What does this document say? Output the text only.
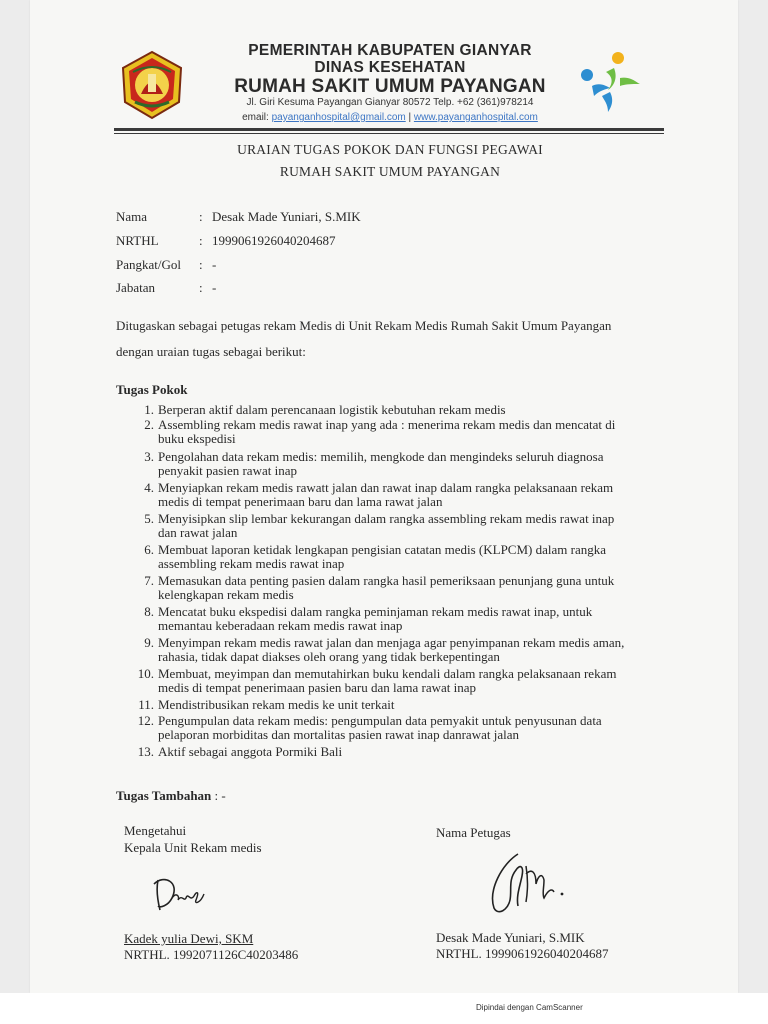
PEMERINTAH KABUPATEN GIANYAR
DINAS KESEHATAN
RUMAH SAKIT UMUM PAYANGAN
Jl. Giri Kesuma Payangan Gianyar 80572 Telp. +62 (361)978214
email: payanganhospital@gmail.com | www.payanganhospital.com
URAIAN TUGAS POKOK DAN FUNGSI PEGAWAI
RUMAH SAKIT UMUM PAYANGAN
Nama	: Desak Made Yuniari, S.MIK
NRTHL	: 1999061926040204687
Pangkat/Gol : -
Jabatan	: -
Ditugaskan sebagai petugas rekam Medis di Unit Rekam Medis Rumah Sakit Umum Payangan
dengan uraian tugas sebagai berikut:
Tugas Pokok
1. Berperan aktif dalam perencanaan logistik kebutuhan rekam medis
2. Assembling rekam medis rawat inap yang ada : menerima rekam medis dan mencatat di
buku ekspedisi
3. Pengolahan data rekam medis: memilih, mengkode dan mengindeks seluruh diagnosa
penyakit pasien rawat inap
4. Menyiapkan rekam medis rawatt jalan dan rawat inap dalam rangka pelaksanaan rekam
medis di tempat penerimaan baru dan lama rawat jalan
5. Menyisipkan slip lembar kekurangan dalam rangka assembling rekam medis rawat inap
dan rawat jalan
6. Membuat laporan ketidak lengkapan pengisian catatan medis (KLPCM) dalam rangka
assembling rekam medis rawat inap
7. Memasukan data penting pasien dalam rangka hasil pemeriksaan penunjang guna untuk
kelengkapan rekam medis
8. Mencatat buku ekspedisi dalam rangka peminjaman rekam medis rawat inap, untuk
memantau keberadaan rekam medis rawat inap
9. Menyimpan rekam medis rawat jalan dan menjaga agar penyimpanan rekam medis aman,
rahasia, tidak dapat diakses oleh orang yang tidak berkepentingan
10. Membuat, meyimpan dan memutahirkan buku kendali dalam rangka pelaksanaan rekam
medis di tempat penerimaan pasien baru dan lama rawat inap
11. Mendistribusikan rekam medis ke unit terkait
12. Pengumpulan data rekam medis: pengumpulan data pemyakit untuk penyusunan data
pelaporan morbiditas dan mortalitas pasien rawat inap danrawat jalan
13. Aktif sebagai anggota Pormiki Bali
Tugas Tambahan : -
Mengetahui
Kepala Unit Rekam medis
Nama Petugas
Kadek yulia Dewi, SKM
NRTHL. 1992071126C40203486
Desak Made Yuniari, S.MIK
NRTHL. 1999061926040204687
Dipindai dengan CamScanner
